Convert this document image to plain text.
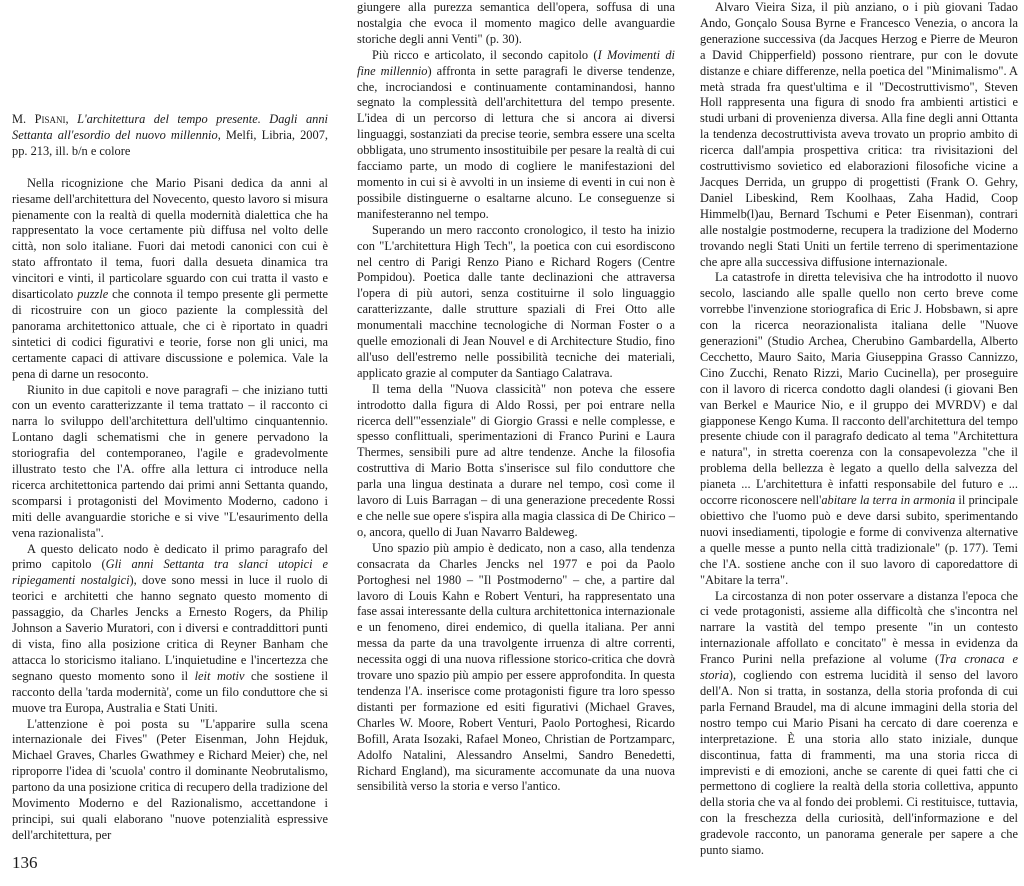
M. Pisani, L'architettura del tempo presente. Dagli anni Settanta all'esordio del nuovo millennio, Melfi, Libria, 2007, pp. 213, ill. b/n e colore

Nella ricognizione che Mario Pisani dedica da anni al riesame dell'architettura del Novecento, questo lavoro si misura pienamente con la realtà di quella modernità dialettica che ha rappresentato la voce certamente più diffusa nel volto delle città, non solo italiane. Fuori dai metodi canonici con cui è stato affrontato il tema, fuori dalla desueta dinamica tra vincitori e vinti, il particolare sguardo con cui tratta il vasto e disarticolato puzzle che connota il tempo presente gli permette di ricostruire con un gioco paziente la complessità del panorama architettonico attuale, che ci è riportato in quadri sintetici di codici figurativi e teorie, forse non gli unici, ma certamente capaci di attivare discussione e polemica. Vale la pena di darne un resoconto.

Riunito in due capitoli e nove paragrafi – che iniziano tutti con un evento caratterizzante il tema trattato – il racconto ci narra lo sviluppo dell'architettura dell'ultimo cinquantennio. Lontano dagli schematismi che in genere pervadono la storiografia del contemporaneo, l'agile e gradevolmente illustrato testo che l'A. offre alla lettura ci introduce nella ricerca architettonica partendo dai primi anni Settanta quando, scomparsi i protagonisti del Movimento Moderno, cadono i miti delle avanguardie storiche e si vive "L'esaurimento della vena razionalista".

A questo delicato nodo è dedicato il primo paragrafo del primo capitolo (Gli anni Settanta tra slanci utopici e ripiegamenti nostalgici), dove sono messi in luce il ruolo di teorici e architetti che hanno segnato questo momento di passaggio, da Charles Jencks a Ernesto Rogers, da Philip Johnson a Saverio Muratori, con i diversi e contraddittori punti di vista, fino alla posizione critica di Reyner Banham che attacca lo storicismo italiano. L'inquietudine e l'incertezza che segnano questo momento sono il leit motiv che sostiene il racconto della 'tarda modernità', come un filo conduttore che si muove tra Europa, Australia e Stati Uniti.

L'attenzione è poi posta su "L'apparire sulla scena internazionale dei Fives" (Peter Eisenman, John Hejduk, Michael Graves, Charles Gwathmey e Richard Meier) che, nel riproporre l'idea di 'scuola' contro il dominante Neobrutalismo, partono da una posizione critica di recupero della tradizione del Movimento Moderno e del Razionalismo, accettandone i principi, sui quali elaborano "nuove potenzialità espressive dell'architettura, per

giungere alla purezza semantica dell'opera, soffusa di una nostalgia che evoca il momento magico delle avanguardie storiche degli anni Venti" (p. 30).

Più ricco e articolato, il secondo capitolo (I Movimenti di fine millennio) affronta in sette paragrafi le diverse tendenze, che, incrociandosi e continuamente contaminandosi, hanno segnato la complessità dell'architettura del tempo presente. L'idea di un percorso di lettura che si ancora ai diversi linguaggi, sostanziati da precise teorie, sembra essere una scelta obbligata, uno strumento insostituibile per pesare la realtà di cui facciamo parte, un modo di cogliere le manifestazioni del momento in cui si è avvolti in un insieme di eventi in cui non è possibile distinguerne o esaltarne alcuno. Le conseguenze si manifesteranno nel tempo.

Superando un mero racconto cronologico, il testo ha inizio con "L'architettura High Tech", la poetica con cui esordiscono nel centro di Parigi Renzo Piano e Richard Rogers (Centre Pompidou). Poetica dalle tante declinazioni che attraversa l'opera di più autori, senza costituirne il solo linguaggio caratterizzante, dalle strutture spaziali di Frei Otto alle monumentali macchine tecnologiche di Norman Foster o a quelle emozionali di Jean Nouvel e di Architecture Studio, fino all'uso dell'estremo nelle possibilità tecniche dei materiali, applicato grazie al computer da Santiago Calatrava.

Il tema della "Nuova classicità" non poteva che essere introdotto dalla figura di Aldo Rossi, per poi entrare nella ricerca dell'"essenziale" di Giorgio Grassi e nelle complesse, e spesso conflittuali, sperimentazioni di Franco Purini e Laura Thermes, sensibili pure ad altre tendenze. Anche la filosofia costruttiva di Mario Botta s'inserisce sul filo conduttore che parla una lingua destinata a durare nel tempo, così come il lavoro di Luis Barragan – di una generazione precedente Rossi e che nelle sue opere s'ispira alla magia classica di De Chirico – o, ancora, quello di Juan Navarro Baldeweg.

Uno spazio più ampio è dedicato, non a caso, alla tendenza consacrata da Charles Jencks nel 1977 e poi da Paolo Portoghesi nel 1980 – "Il Postmoderno" – che, a partire dal lavoro di Louis Kahn e Robert Venturi, ha rappresentato una fase assai interessante della cultura architettonica internazionale e un fenomeno, direi endemico, di quella italiana. Per anni messa da parte da una travolgente irruenza di altre correnti, necessita oggi di una nuova riflessione storico-critica che dovrà trovare uno spazio più ampio per essere approfondita. In questa tendenza l'A. inserisce come protagonisti figure tra loro spesso distanti per formazione ed esiti figurativi (Michael Graves, Charles W. Moore, Robert Venturi, Paolo Portoghesi, Ricardo Bofill, Arata Isozaki, Rafael Moneo, Christian de Portzamparc, Adolfo Natalini, Alessandro Anselmi, Sandro Benedetti, Richard England), ma sicuramente accomunate da una nuova sensibilità verso la storia e verso l'antico.

Alvaro Vieira Siza, il più anziano, o i più giovani Tadao Ando, Gonçalo Sousa Byrne e Francesco Venezia, o ancora la generazione successiva (da Jacques Herzog e Pierre de Meuron a David Chipperfield) possono rientrare, pur con le dovute distanze e chiare differenze, nella poetica del "Minimalismo". A metà strada fra quest'ultima e il "Decostruttivismo", Steven Holl rappresenta una figura di snodo fra ambienti artistici e studi urbani di provenienza diversa. Alla fine degli anni Ottanta la tendenza decostruttivista aveva trovato un proprio ambito di ricerca dall'ampia prospettiva critica: tra rivisitazioni del costruttivismo sovietico ed elaborazioni filosofiche vicine a Jacques Derrida, un gruppo di progettisti (Frank O. Gehry, Daniel Libeskind, Rem Koolhaas, Zaha Hadid, Coop Himmelb(l)au, Bernard Tschumi e Peter Eisenman), contrari alle nostalgie postmoderne, recupera la tradizione del Moderno trovando negli Stati Uniti un fertile terreno di sperimentazione che apre alla successiva diffusione internazionale.

La catastrofe in diretta televisiva che ha introdotto il nuovo secolo, lasciando alle spalle quello non certo breve come vorrebbe l'invenzione storiografica di Eric J. Hobsbawn, si apre con la ricerca neorazionalista italiana delle "Nuove generazioni" (Studio Archea, Cherubino Gambardella, Alberto Cecchetto, Mauro Saito, Maria Giuseppina Grasso Cannizzo, Cino Zucchi, Renato Rizzi, Mario Cucinella), per proseguire con il lavoro di ricerca condotto dagli olandesi (i giovani Ben van Berkel e Maurice Nio, e il gruppo dei MVRDV) e dal giapponese Kengo Kuma. Il racconto dell'architettura del tempo presente chiude con il paragrafo dedicato al tema "Architettura e natura", in stretta coerenza con la consapevolezza "che il problema della bellezza è legato a quello della salvezza del pianeta ... L'architettura è infatti responsabile del futuro e ... occorre riconoscere nell'abitare la terra in armonia il principale obiettivo che l'uomo può e deve darsi subito, sperimentando nuovi insediamenti, tipologie e forme di convivenza alternative a quelle messe a punto nella città tradizionale" (p. 177). Temi che l'A. sostiene anche con il suo lavoro di caporedattore di "Abitare la terra".

La circostanza di non poter osservare a distanza l'epoca che ci vede protagonisti, assieme alla difficoltà che s'incontra nel narrare la vastità del tempo presente "in un contesto internazionale affollato e concitato" è messa in evidenza da Franco Purini nella prefazione al volume (Tra cronaca e storia), cogliendo con estrema lucidità il senso del lavoro dell'A. Non si tratta, in sostanza, della storia profonda di cui parla Fernand Braudel, ma di alcune immagini della storia del nostro tempo cui Mario Pisani ha cercato di dare coerenza e interpretazione. È una storia allo stato iniziale, dunque discontinua, fatta di frammenti, ma una storia ricca di imprevisti e di emozioni, anche se carente di quei fatti che ci permettono di cogliere la realtà della storia collettiva, appunto della storia che va al fondo dei problemi. Ci restituisce, tuttavia, con la freschezza della curiosità, dell'informazione e del gradevole racconto, un panorama generale per sapere a che punto siamo.

136
